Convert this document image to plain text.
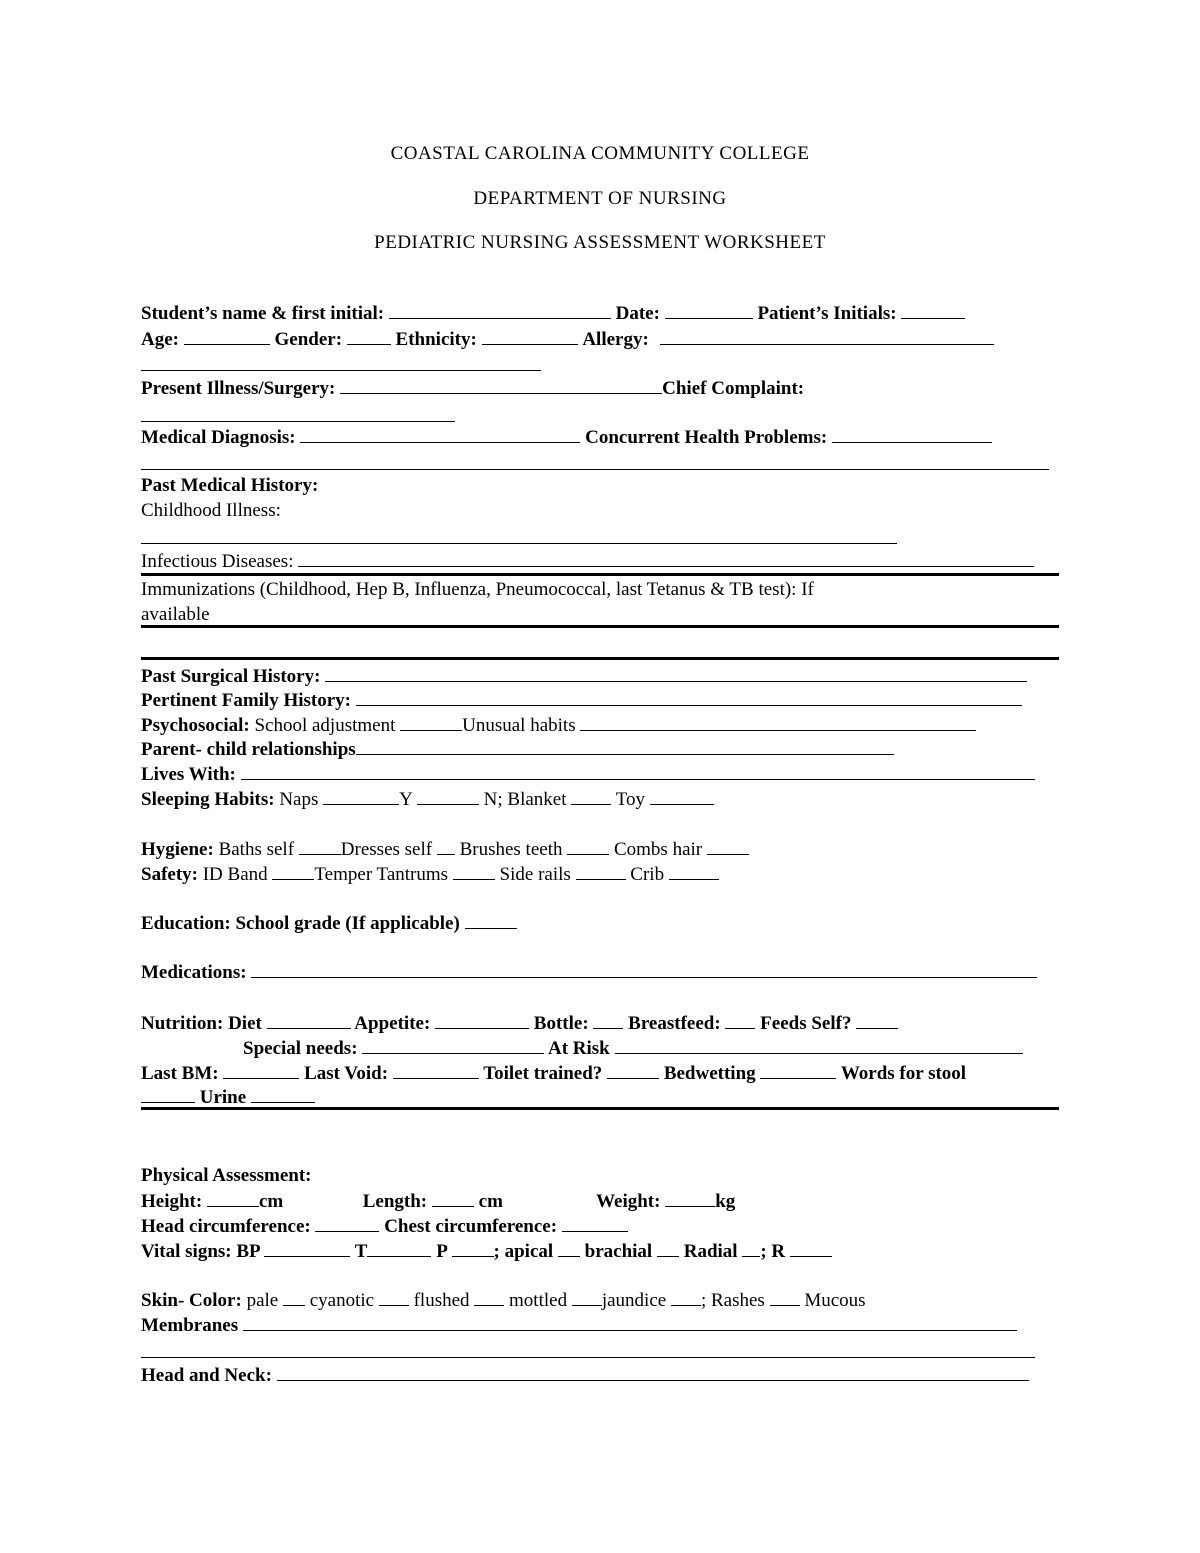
COASTAL CAROLINA COMMUNITY COLLEGE
DEPARTMENT OF NURSING
PEDIATRIC NURSING ASSESSMENT WORKSHEET
Student’s name & first initial:	Date:	Patient’s Initials:
Age:	Gender:	Ethnicity:	Allergy:
Present Illness/Surgery:	Chief Complaint:
Medical Diagnosis:	Concurrent Health Problems:
Past Medical History:
Childhood Illness:
Infectious Diseases:
Immunizations (Childhood, Hep B, Influenza, Pneumococcal, last Tetanus & TB test): If
available
Past Surgical History:
Pertinent Family History:
Psychosocial: School adjustment	Unusual habits
Parent- child relationships
Lives With:
Sleeping Habits: Naps	Y	N; Blanket	Toy
Hygiene: Baths self Dresses self Brushes teeth	Combs hair
Safety: ID Band Temper Tantrums	Side rails	Crib
Education: School grade (If applicable)
Medications:
Nutrition: Diet	Appetite:	Bottle: Breastfeed: Feeds Self?
Special needs:	At Risk
Last BM:	Last Void:	Toilet trained?	Bedwetting	Words for stool
Urine
Physical Assessment:
Height:	cm	Length:	cm	Weight:	kg
Head circumference:	Chest circumference:
Vital signs: BP	T	P ; apical brachial Radial ; R
Skin- Color: pale cyanotic flushed mottled jaundice ; Rashes Mucous
Membranes
Head and Neck:
